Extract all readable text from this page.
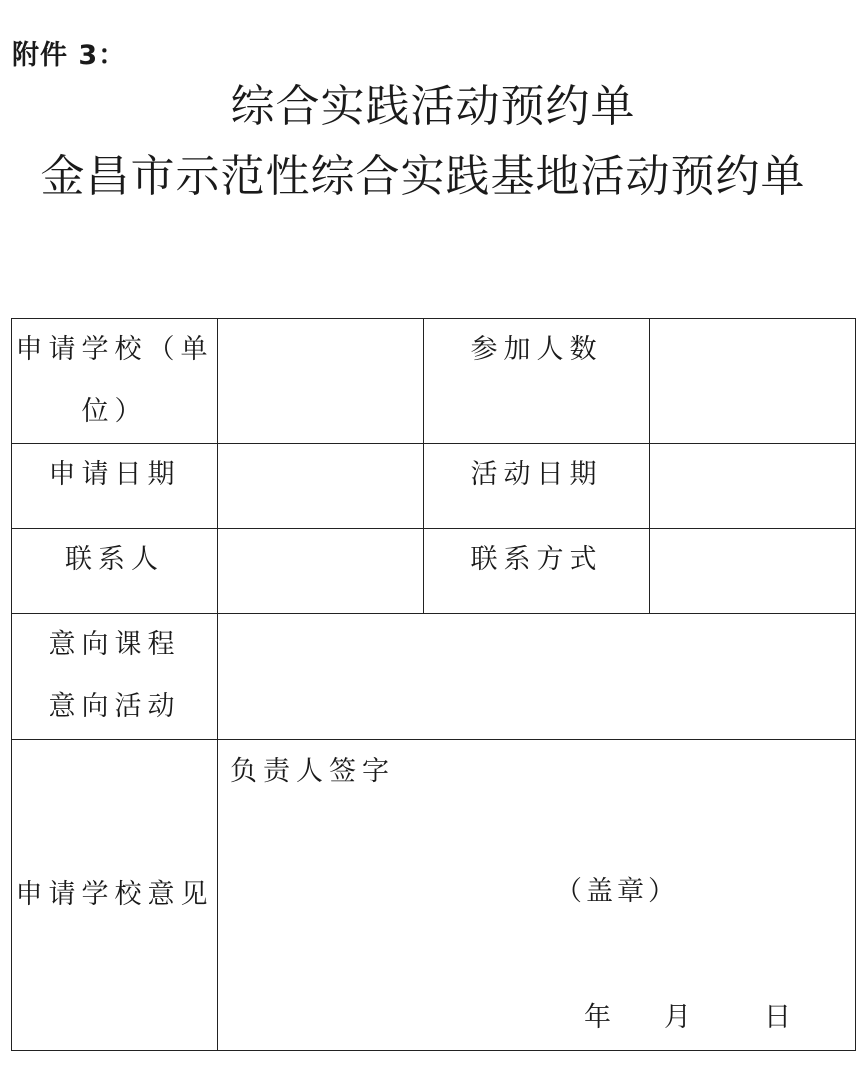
附件 3：
综合实践活动预约单
金昌市示范性综合实践基地活动预约单
申请学校（单位）		参加人数	
申请日期		活动日期	
联系人		联系方式	

意向课程
意向活动			

申请学校意见	负责人签字
（盖章）
年 月 日		
